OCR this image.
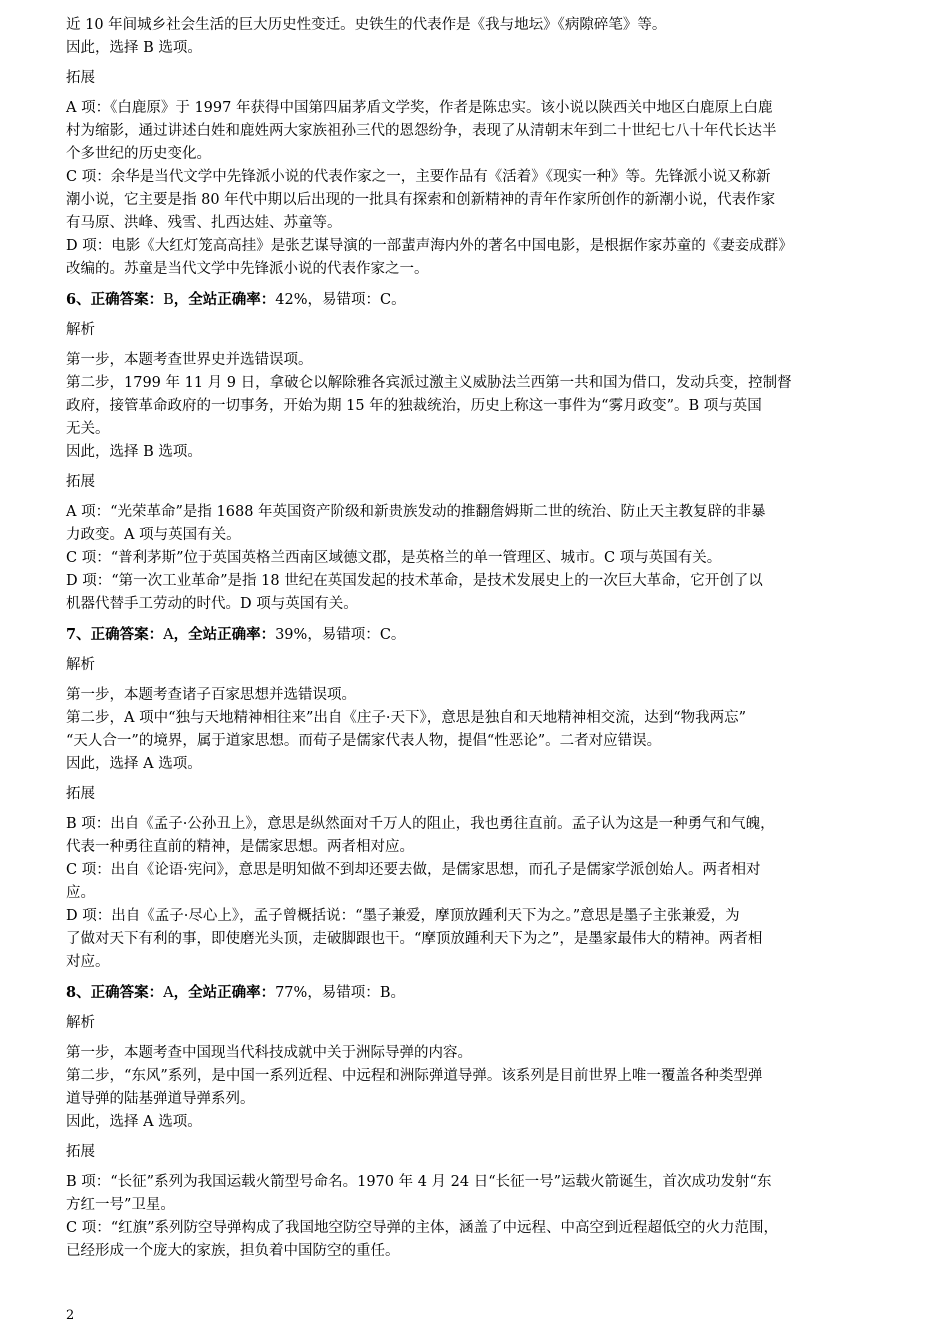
近 10 年间城乡社会生活的巨大历史性变迁。史铁生的代表作是《我与地坛》《病隙碎笔》等。

因此，选择 B 选项。

拓展

A 项：《白鹿原》于 1997 年获得中国第四届茅盾文学奖，作者是陈忠实。该小说以陕西关中地区白鹿原上白鹿

村为缩影，通过讲述白姓和鹿姓两大家族祖孙三代的恩怨纷争，表现了从清朝末年到二十世纪七八十年代长达半

个多世纪的历史变化。

C 项：余华是当代文学中先锋派小说的代表作家之一，主要作品有《活着》《现实一种》等。先锋派小说又称新

潮小说，它主要是指 80 年代中期以后出现的一批具有探索和创新精神的青年作家所创作的新潮小说，代表作家

有马原、洪峰、残雪、扎西达娃、苏童等。

D 项：电影《大红灯笼高高挂》是张艺谋导演的一部蜚声海内外的著名中国电影，是根据作家苏童的《妻妾成群》

改编的。苏童是当代文学中先锋派小说的代表作家之一。

6、正确答案：B，全站正确率：42%，易错项：C。

解析

第一步，本题考查世界史并选错误项。

第二步，1799 年 11 月 9 日，拿破仑以解除雅各宾派过激主义威胁法兰西第一共和国为借口，发动兵变，控制督

政府，接管革命政府的一切事务，开始为期 15 年的独裁统治，历史上称这一事件为“雾月政变”。B 项与英国

无关。

因此，选择 B 选项。

拓展

A 项：“光荣革命”是指 1688 年英国资产阶级和新贵族发动的推翻詹姆斯二世的统治、防止天主教复辟的非暴

力政变。A 项与英国有关。

C 项：“普利茅斯”位于英国英格兰西南区域德文郡，是英格兰的单一管理区、城市。C 项与英国有关。

D 项：“第一次工业革命”是指 18 世纪在英国发起的技术革命，是技术发展史上的一次巨大革命，它开创了以

机器代替手工劳动的时代。D 项与英国有关。

7、正确答案：A，全站正确率：39%，易错项：C。

解析

第一步，本题考查诸子百家思想并选错误项。

第二步，A 项中“独与天地精神相往来”出自《庄子·天下》，意思是独自和天地精神相交流，达到“物我两忘”

“天人合一”的境界，属于道家思想。而荀子是儒家代表人物，提倡“性恶论”。二者对应错误。

因此，选择 A 选项。

拓展

B 项：出自《孟子·公孙丑上》，意思是纵然面对千万人的阻止，我也勇往直前。孟子认为这是一种勇气和气魄，

代表一种勇往直前的精神，是儒家思想。两者相对应。

C 项：出自《论语·宪问》，意思是明知做不到却还要去做，是儒家思想，而孔子是儒家学派创始人。两者相对

应。

D 项：出自《孟子·尽心上》，孟子曾概括说：“墨子兼爱，摩顶放踵利天下为之。”意思是墨子主张兼爱，为

了做对天下有利的事，即使磨光头顶，走破脚跟也干。“摩顶放踵利天下为之”，是墨家最伟大的精神。两者相

对应。

8、正确答案：A，全站正确率：77%，易错项：B。

解析

第一步，本题考查中国现当代科技成就中关于洲际导弹的内容。

第二步，“东风”系列，是中国一系列近程、中远程和洲际弹道导弹。该系列是目前世界上唯一覆盖各种类型弹

道导弹的陆基弹道导弹系列。

因此，选择 A 选项。

拓展

B 项：“长征”系列为我国运载火箭型号命名。1970 年 4 月 24 日“长征一号”运载火箭诞生，首次成功发射“东

方红一号”卫星。

C 项：“红旗”系列防空导弹构成了我国地空防空导弹的主体，涵盖了中远程、中高空到近程超低空的火力范围，

已经形成一个庞大的家族，担负着中国防空的重任。

2
